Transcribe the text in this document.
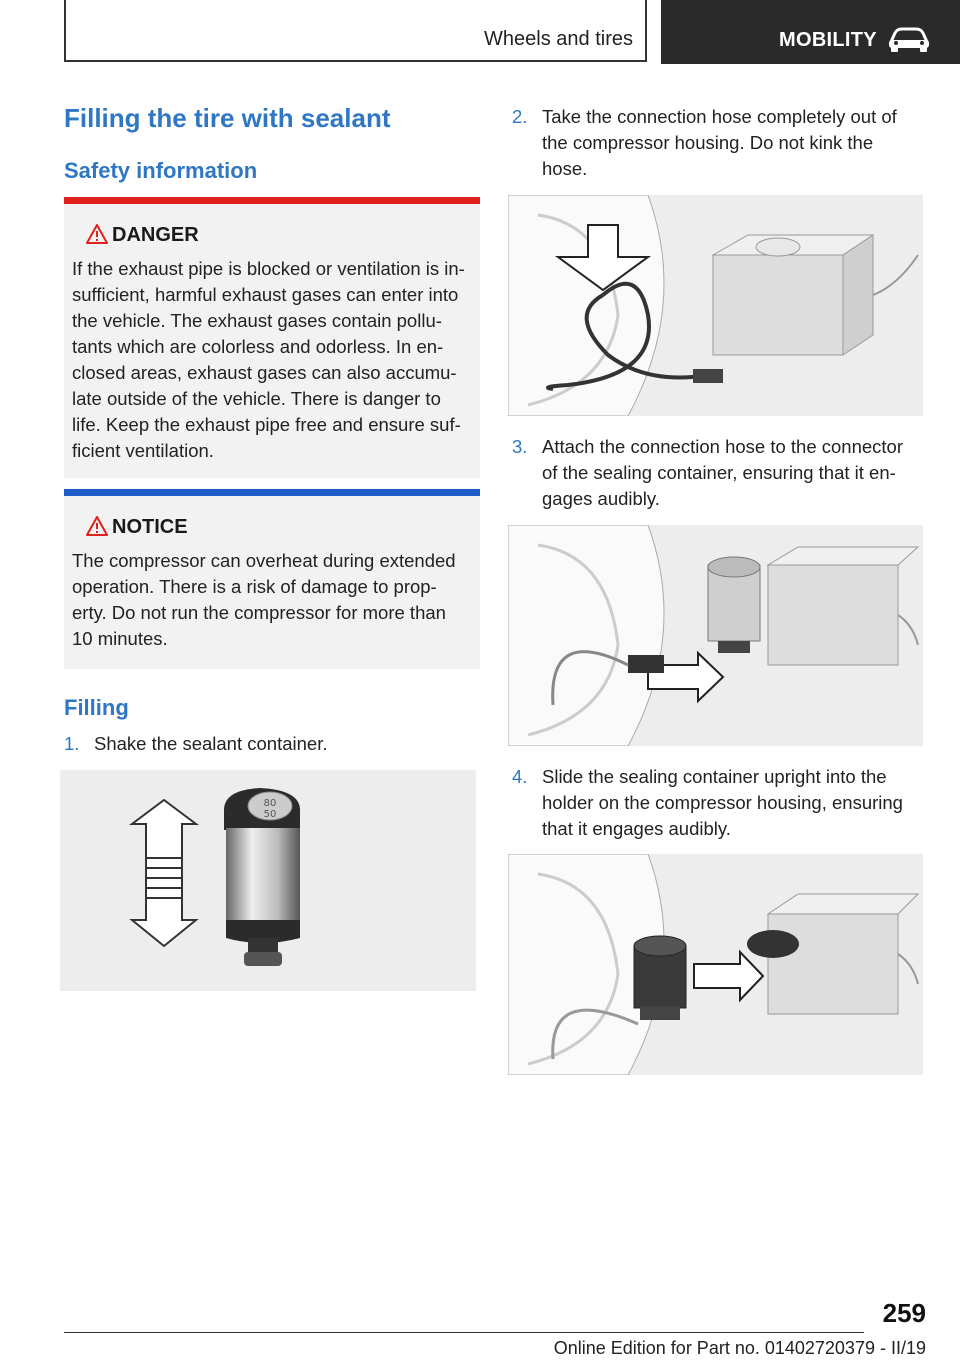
Wheels and tires	MOBILITY
Filling the tire with sealant
Safety information
DANGER
If the exhaust pipe is blocked or ventilation is in-
sufficient, harmful exhaust gases can enter into
the vehicle. The exhaust gases contain pollu-
tants which are colorless and odorless. In en-
closed areas, exhaust gases can also accumu-
late outside of the vehicle. There is danger to
life. Keep the exhaust pipe free and ensure suf-
ficient ventilation.
NOTICE
The compressor can overheat during extended
operation. There is a risk of damage to prop-
erty. Do not run the compressor for more than
10 minutes.
Filling
1. Shake the sealant container.
80
50
2. Take the connection hose completely out of
the compressor housing. Do not kink the
hose.
3. Attach the connection hose to the connector
of the sealing container, ensuring that it en-
gages audibly.
4. Slide the sealing container upright into the
holder on the compressor housing, ensuring
that it engages audibly.
259
Online Edition for Part no. 01402720379 - II/19
